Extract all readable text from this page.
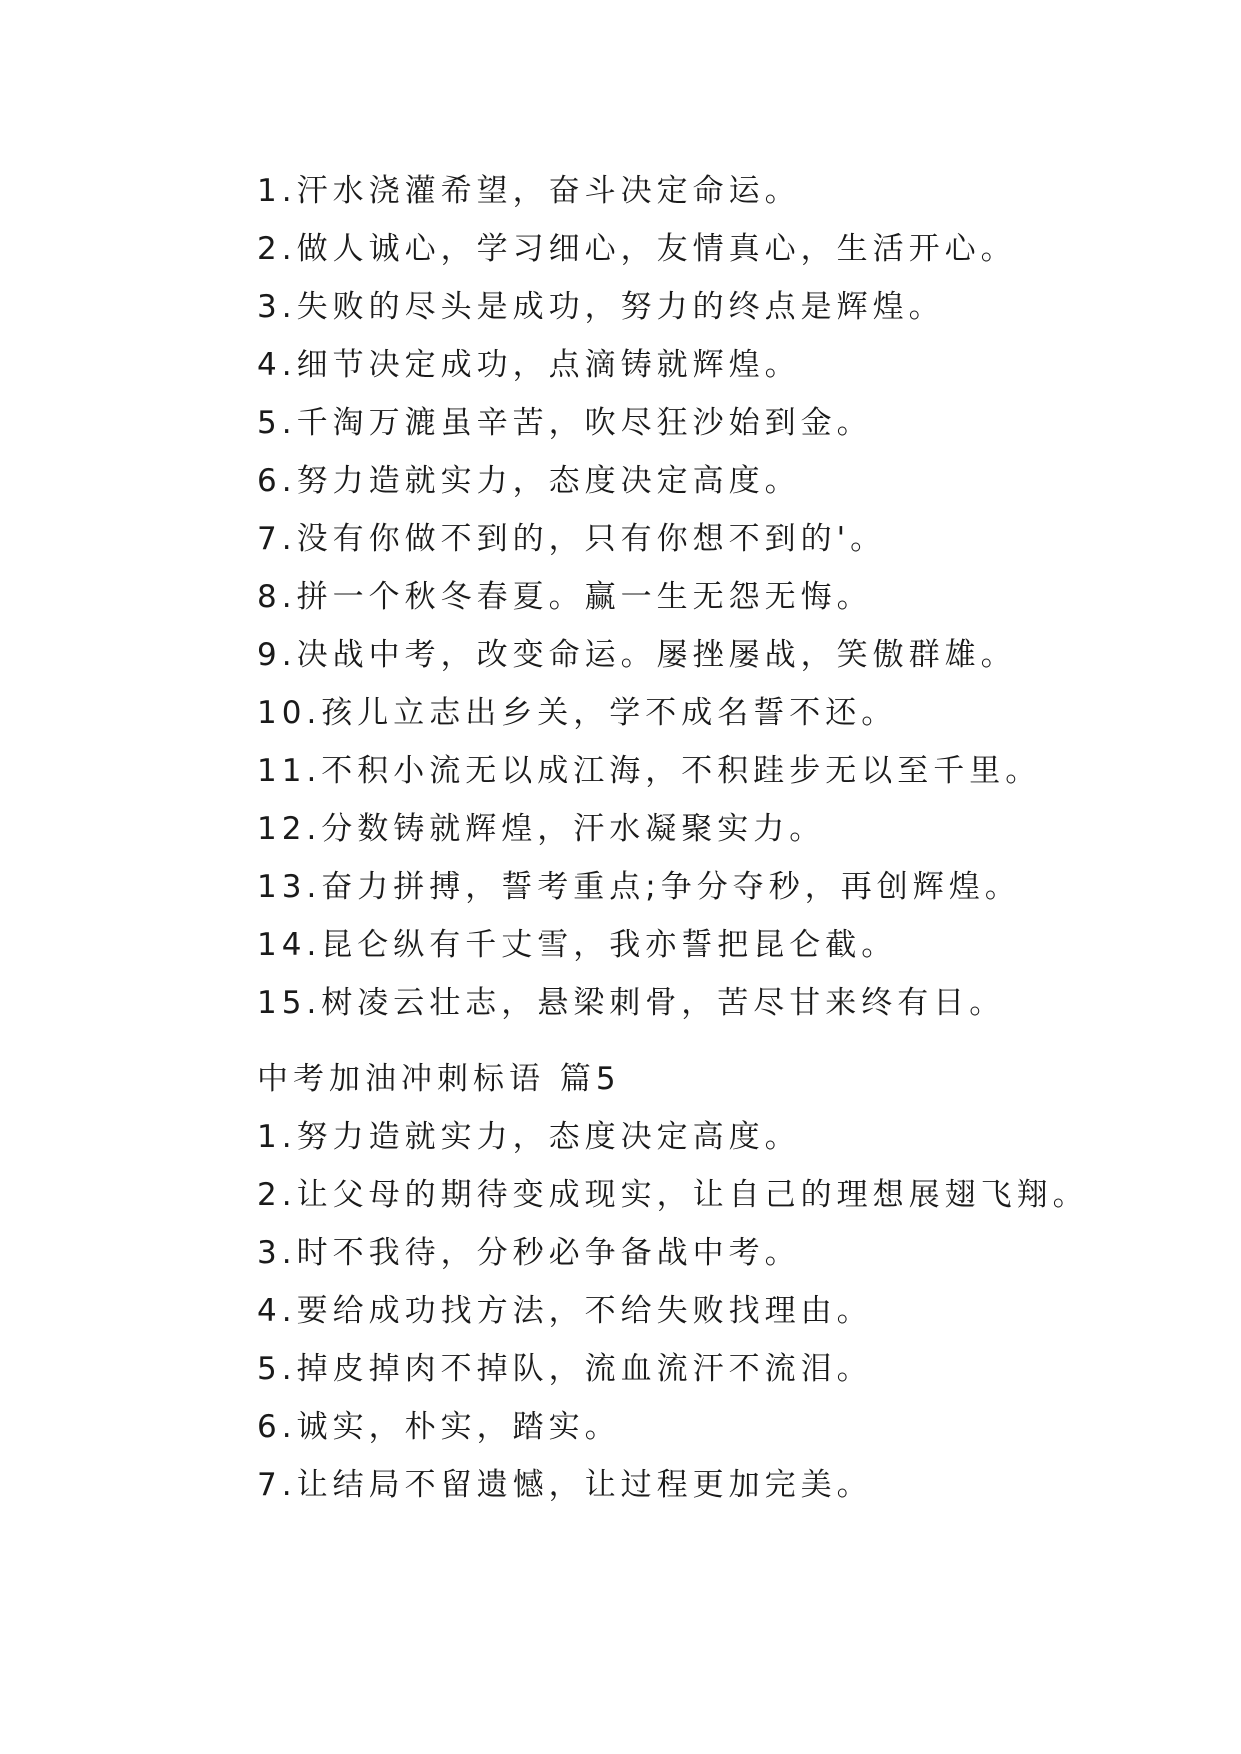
1.汗水浇灌希望，奋斗决定命运。
2.做人诚心，学习细心，友情真心，生活开心。
3.失败的尽头是成功，努力的终点是辉煌。
4.细节决定成功，点滴铸就辉煌。
5.千淘万漉虽辛苦，吹尽狂沙始到金。
6.努力造就实力，态度决定高度。
7.没有你做不到的，只有你想不到的'。
8.拼一个秋冬春夏。赢一生无怨无悔。
9.决战中考，改变命运。屡挫屡战，笑傲群雄。
10.孩儿立志出乡关，学不成名誓不还。
11.不积小流无以成江海，不积跬步无以至千里。
12.分数铸就辉煌，汗水凝聚实力。
13.奋力拼搏，誓考重点;争分夺秒，再创辉煌。
14.昆仑纵有千丈雪，我亦誓把昆仑截。
15.树凌云壮志，悬梁刺骨，苦尽甘来终有日。
中考加油冲刺标语 篇5
1.努力造就实力，态度决定高度。
2.让父母的期待变成现实，让自己的理想展翅飞翔。
3.时不我待，分秒必争备战中考。
4.要给成功找方法，不给失败找理由。
5.掉皮掉肉不掉队，流血流汗不流泪。
6.诚实，朴实，踏实。
7.让结局不留遗憾，让过程更加完美。
